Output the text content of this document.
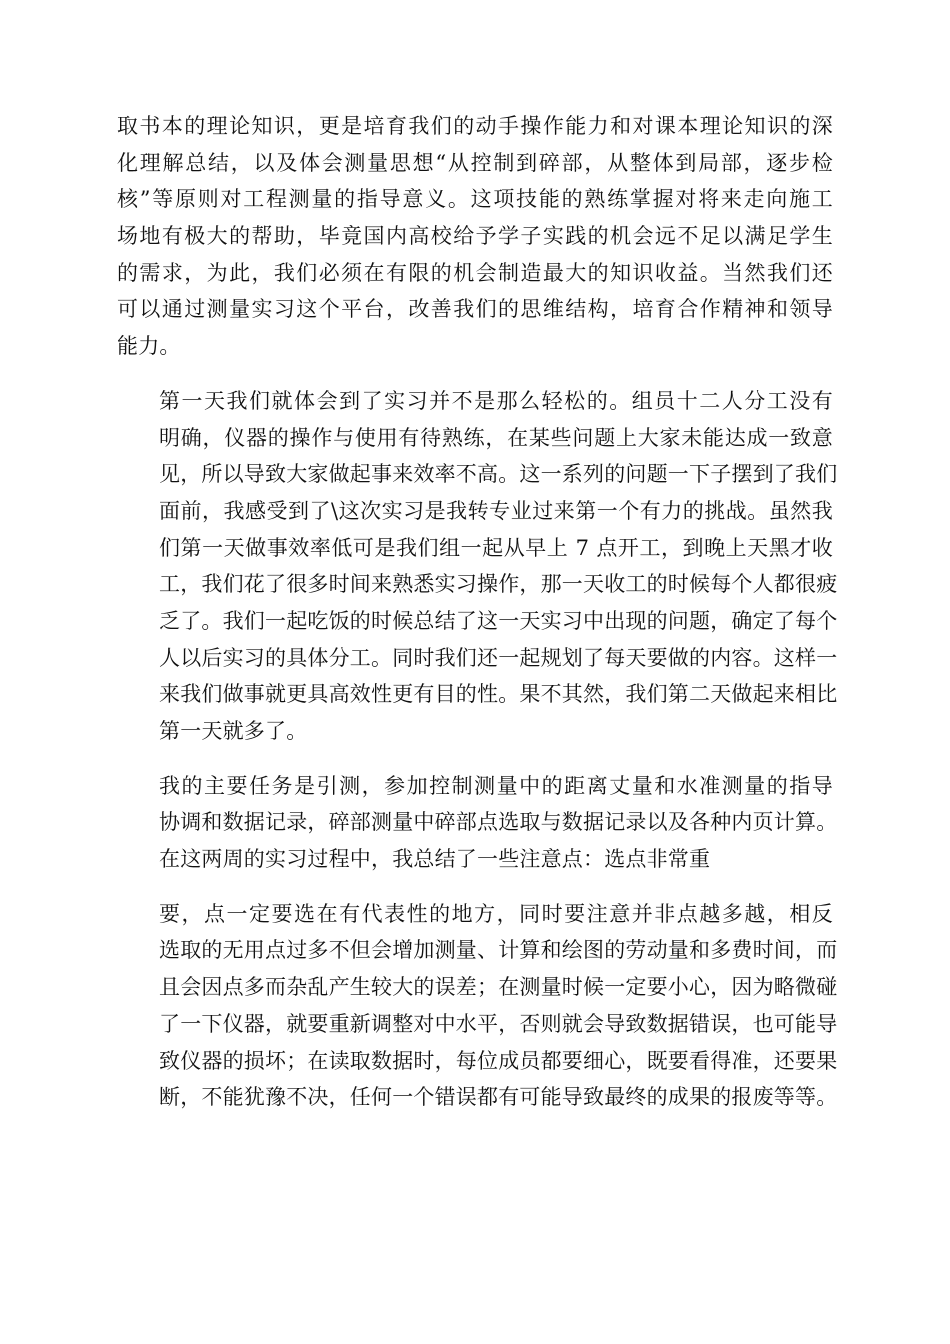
取书本的理论知识，更是培育我们的动手操作能力和对课本理论知识的深
化理解总结，以及体会测量思想“从控制到碎部，从整体到局部，逐步检
核”等原则对工程测量的指导意义。这项技能的熟练掌握对将来走向施工
场地有极大的帮助，毕竟国内高校给予学子实践的机会远不足以满足学生
的需求，为此，我们必须在有限的机会制造最大的知识收益。当然我们还
可以通过测量实习这个平台，改善我们的思维结构，培育合作精神和领导
能力。

第一天我们就体会到了实习并不是那么轻松的。组员十二人分工没有
明确，仪器的操作与使用有待熟练，在某些问题上大家未能达成一致意
见，所以导致大家做起事来效率不高。这一系列的问题一下子摆到了我们
面前，我感受到了\这次实习是我转专业过来第一个有力的挑战。虽然我
们第一天做事效率低可是我们组一起从早上 7 点开工，到晚上天黑才收
工，我们花了很多时间来熟悉实习操作，那一天收工的时候每个人都很疲
乏了。我们一起吃饭的时候总结了这一天实习中出现的问题，确定了每个
人以后实习的具体分工。同时我们还一起规划了每天要做的内容。这样一
来我们做事就更具高效性更有目的性。果不其然，我们第二天做起来相比
第一天就多了。

我的主要任务是引测，参加控制测量中的距离丈量和水准测量的指导
协调和数据记录，碎部测量中碎部点选取与数据记录以及各种内页计算。
在这两周的实习过程中，我总结了一些注意点：选点非常重

要，点一定要选在有代表性的地方，同时要注意并非点越多越，相反
选取的无用点过多不但会增加测量、计算和绘图的劳动量和多费时间，而
且会因点多而杂乱产生较大的误差；在测量时候一定要小心，因为略微碰
了一下仪器，就要重新调整对中水平，否则就会导致数据错误，也可能导
致仪器的损坏；在读取数据时，每位成员都要细心，既要看得准，还要果
断，不能犹豫不决，任何一个错误都有可能导致最终的成果的报废等等。
